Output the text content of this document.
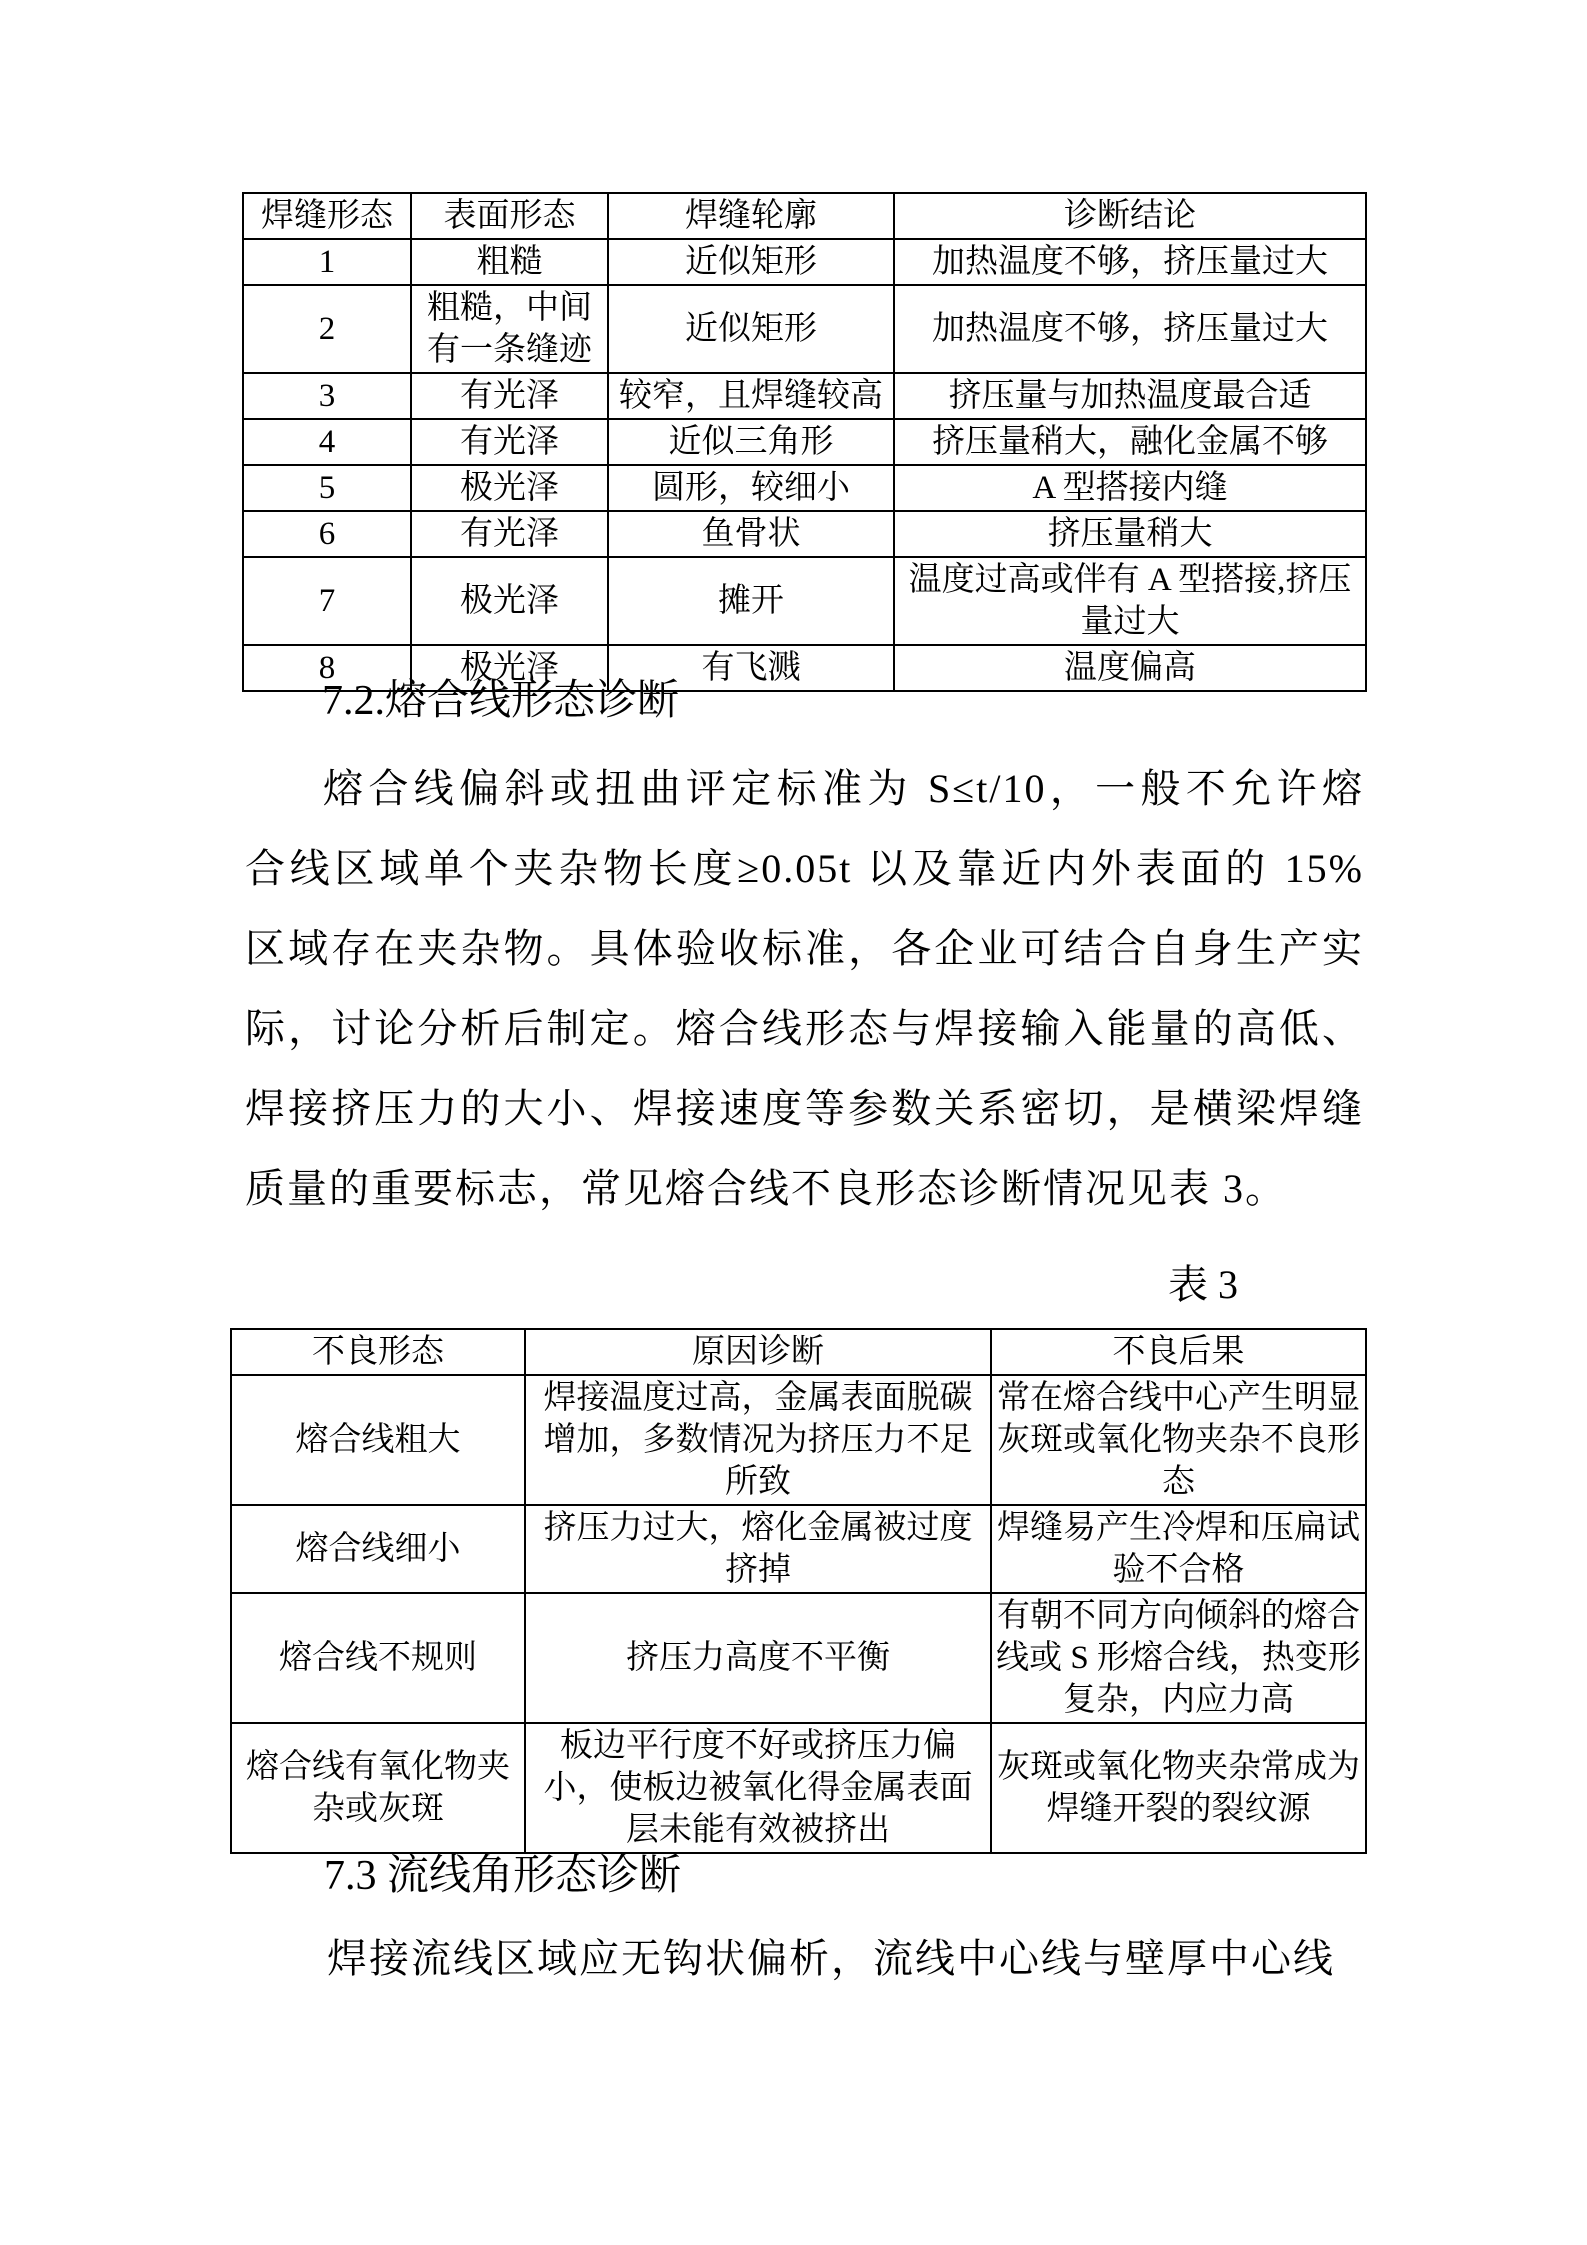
焊缝形态	表面形态	焊缝轮廓	诊断结论
1	粗糙	近似矩形	加热温度不够，挤压量过大
2	粗糙，中间有一条缝迹	近似矩形	加热温度不够，挤压量过大
3	有光泽	较窄，且焊缝较高	挤压量与加热温度最合适
4	有光泽	近似三角形	挤压量稍大，融化金属不够
5	极光泽	圆形，较细小	A 型搭接内缝
6	有光泽	鱼骨状	挤压量稍大
7	极光泽	摊开	温度过高或伴有 A 型搭接,挤压量过大
8	极光泽	有飞溅	温度偏高
7.2.熔合线形态诊断
熔合线偏斜或扭曲评定标准为 S≤t/10，一般不允许熔
合线区域单个夹杂物长度≥0.05t 以及靠近内外表面的 15%
区域存在夹杂物。具体验收标准，各企业可结合自身生产实
际，讨论分析后制定。熔合线形态与焊接输入能量的高低、
焊接挤压力的大小、焊接速度等参数关系密切，是横梁焊缝
质量的重要标志，常见熔合线不良形态诊断情况见表 3。
表 3
不良形态	原因诊断	不良后果
熔合线粗大	焊接温度过高，金属表面脱碳增加，多数情况为挤压力不足所致	常在熔合线中心产生明显灰斑或氧化物夹杂不良形态
熔合线细小	挤压力过大，熔化金属被过度挤掉	焊缝易产生冷焊和压扁试验不合格
熔合线不规则	挤压力高度不平衡	有朝不同方向倾斜的熔合线或 S 形熔合线，热变形复杂，内应力高
熔合线有氧化物夹杂或灰斑	板边平行度不好或挤压力偏小，使板边被氧化得金属表面层未能有效被挤出	灰斑或氧化物夹杂常成为焊缝开裂的裂纹源
7.3 流线角形态诊断
焊接流线区域应无钩状偏析，流线中心线与壁厚中心线
